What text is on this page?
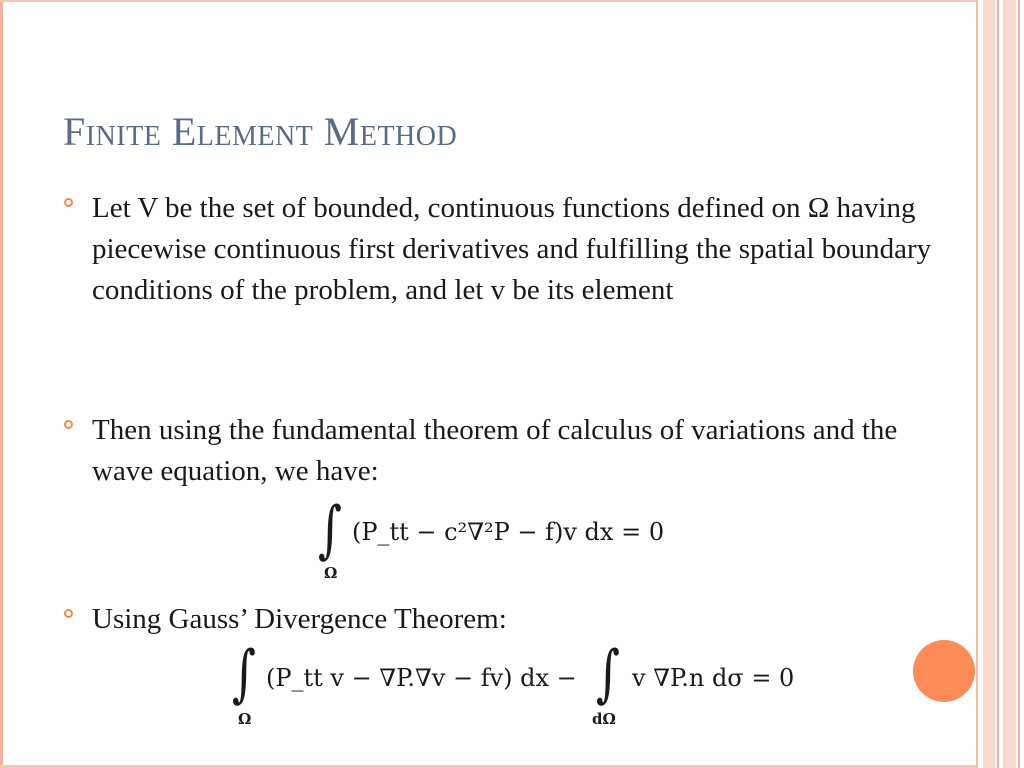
Finite Element Method
Let V be the set of bounded, continuous functions defined on Ω having piecewise continuous first derivatives and fulfilling the spatial boundary conditions of the problem, and let v be its element
Then using the fundamental theorem of calculus of variations and the wave equation, we have:
∫
Ω
(P_tt − c²∇²P − f)v dx = 0
Using Gauss’ Divergence Theorem:
∫
Ω
(P_tt v − ∇P.∇v − fv) dx − ∫
dΩ
v ∇P.n dσ = 0
